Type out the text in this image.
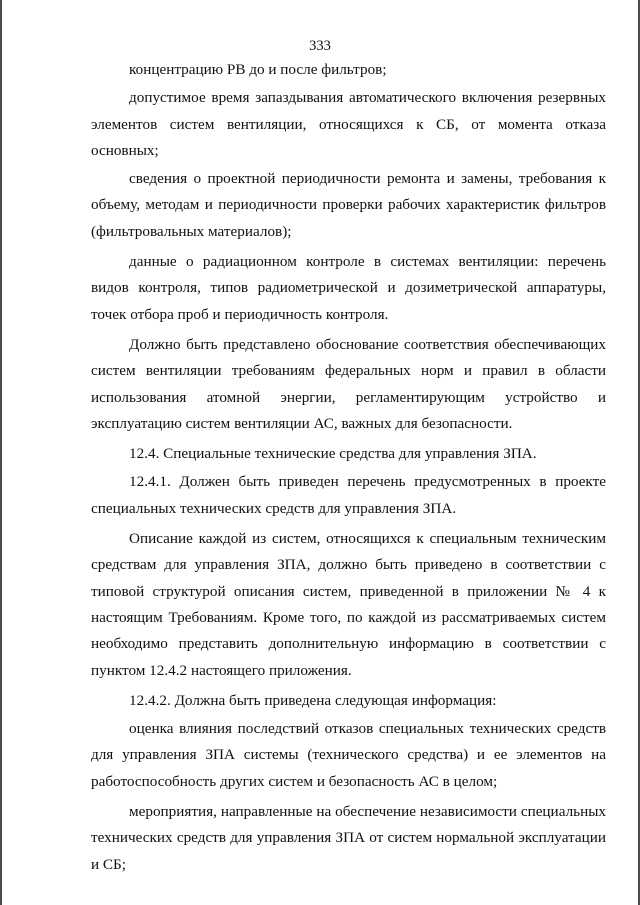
333

концентрацию РВ до и после фильтров;

допустимое время запаздывания автоматического включения резервных элементов систем вентиляции, относящихся к СБ, от момента отказа основных;

сведения о проектной периодичности ремонта и замены, требования к объему, методам и периодичности проверки рабочих характеристик фильтров (фильтровальных материалов);

данные о радиационном контроле в системах вентиляции: перечень видов контроля, типов радиометрической и дозиметрической аппаратуры, точек отбора проб и периодичность контроля.

Должно быть представлено обоснование соответствия обеспечивающих систем вентиляции требованиям федеральных норм и правил в области использования атомной энергии, регламентирующим устройство и эксплуатацию систем вентиляции АС, важных для безопасности.

12.4. Специальные технические средства для управления ЗПА.

12.4.1. Должен быть приведен перечень предусмотренных в проекте специальных технических средств для управления ЗПА.

Описание каждой из систем, относящихся к специальным техническим средствам для управления ЗПА, должно быть приведено в соответствии с типовой структурой описания систем, приведенной в приложении № 4 к настоящим Требованиям. Кроме того, по каждой из рассматриваемых систем необходимо представить дополнительную информацию в соответствии с пунктом 12.4.2 настоящего приложения.

12.4.2. Должна быть приведена следующая информация:

оценка влияния последствий отказов специальных технических средств для управления ЗПА системы (технического средства) и ее элементов на работоспособность других систем и безопасность АС в целом;

мероприятия, направленные на обеспечение независимости специальных технических средств для управления ЗПА от систем нормальной эксплуатации и СБ;
